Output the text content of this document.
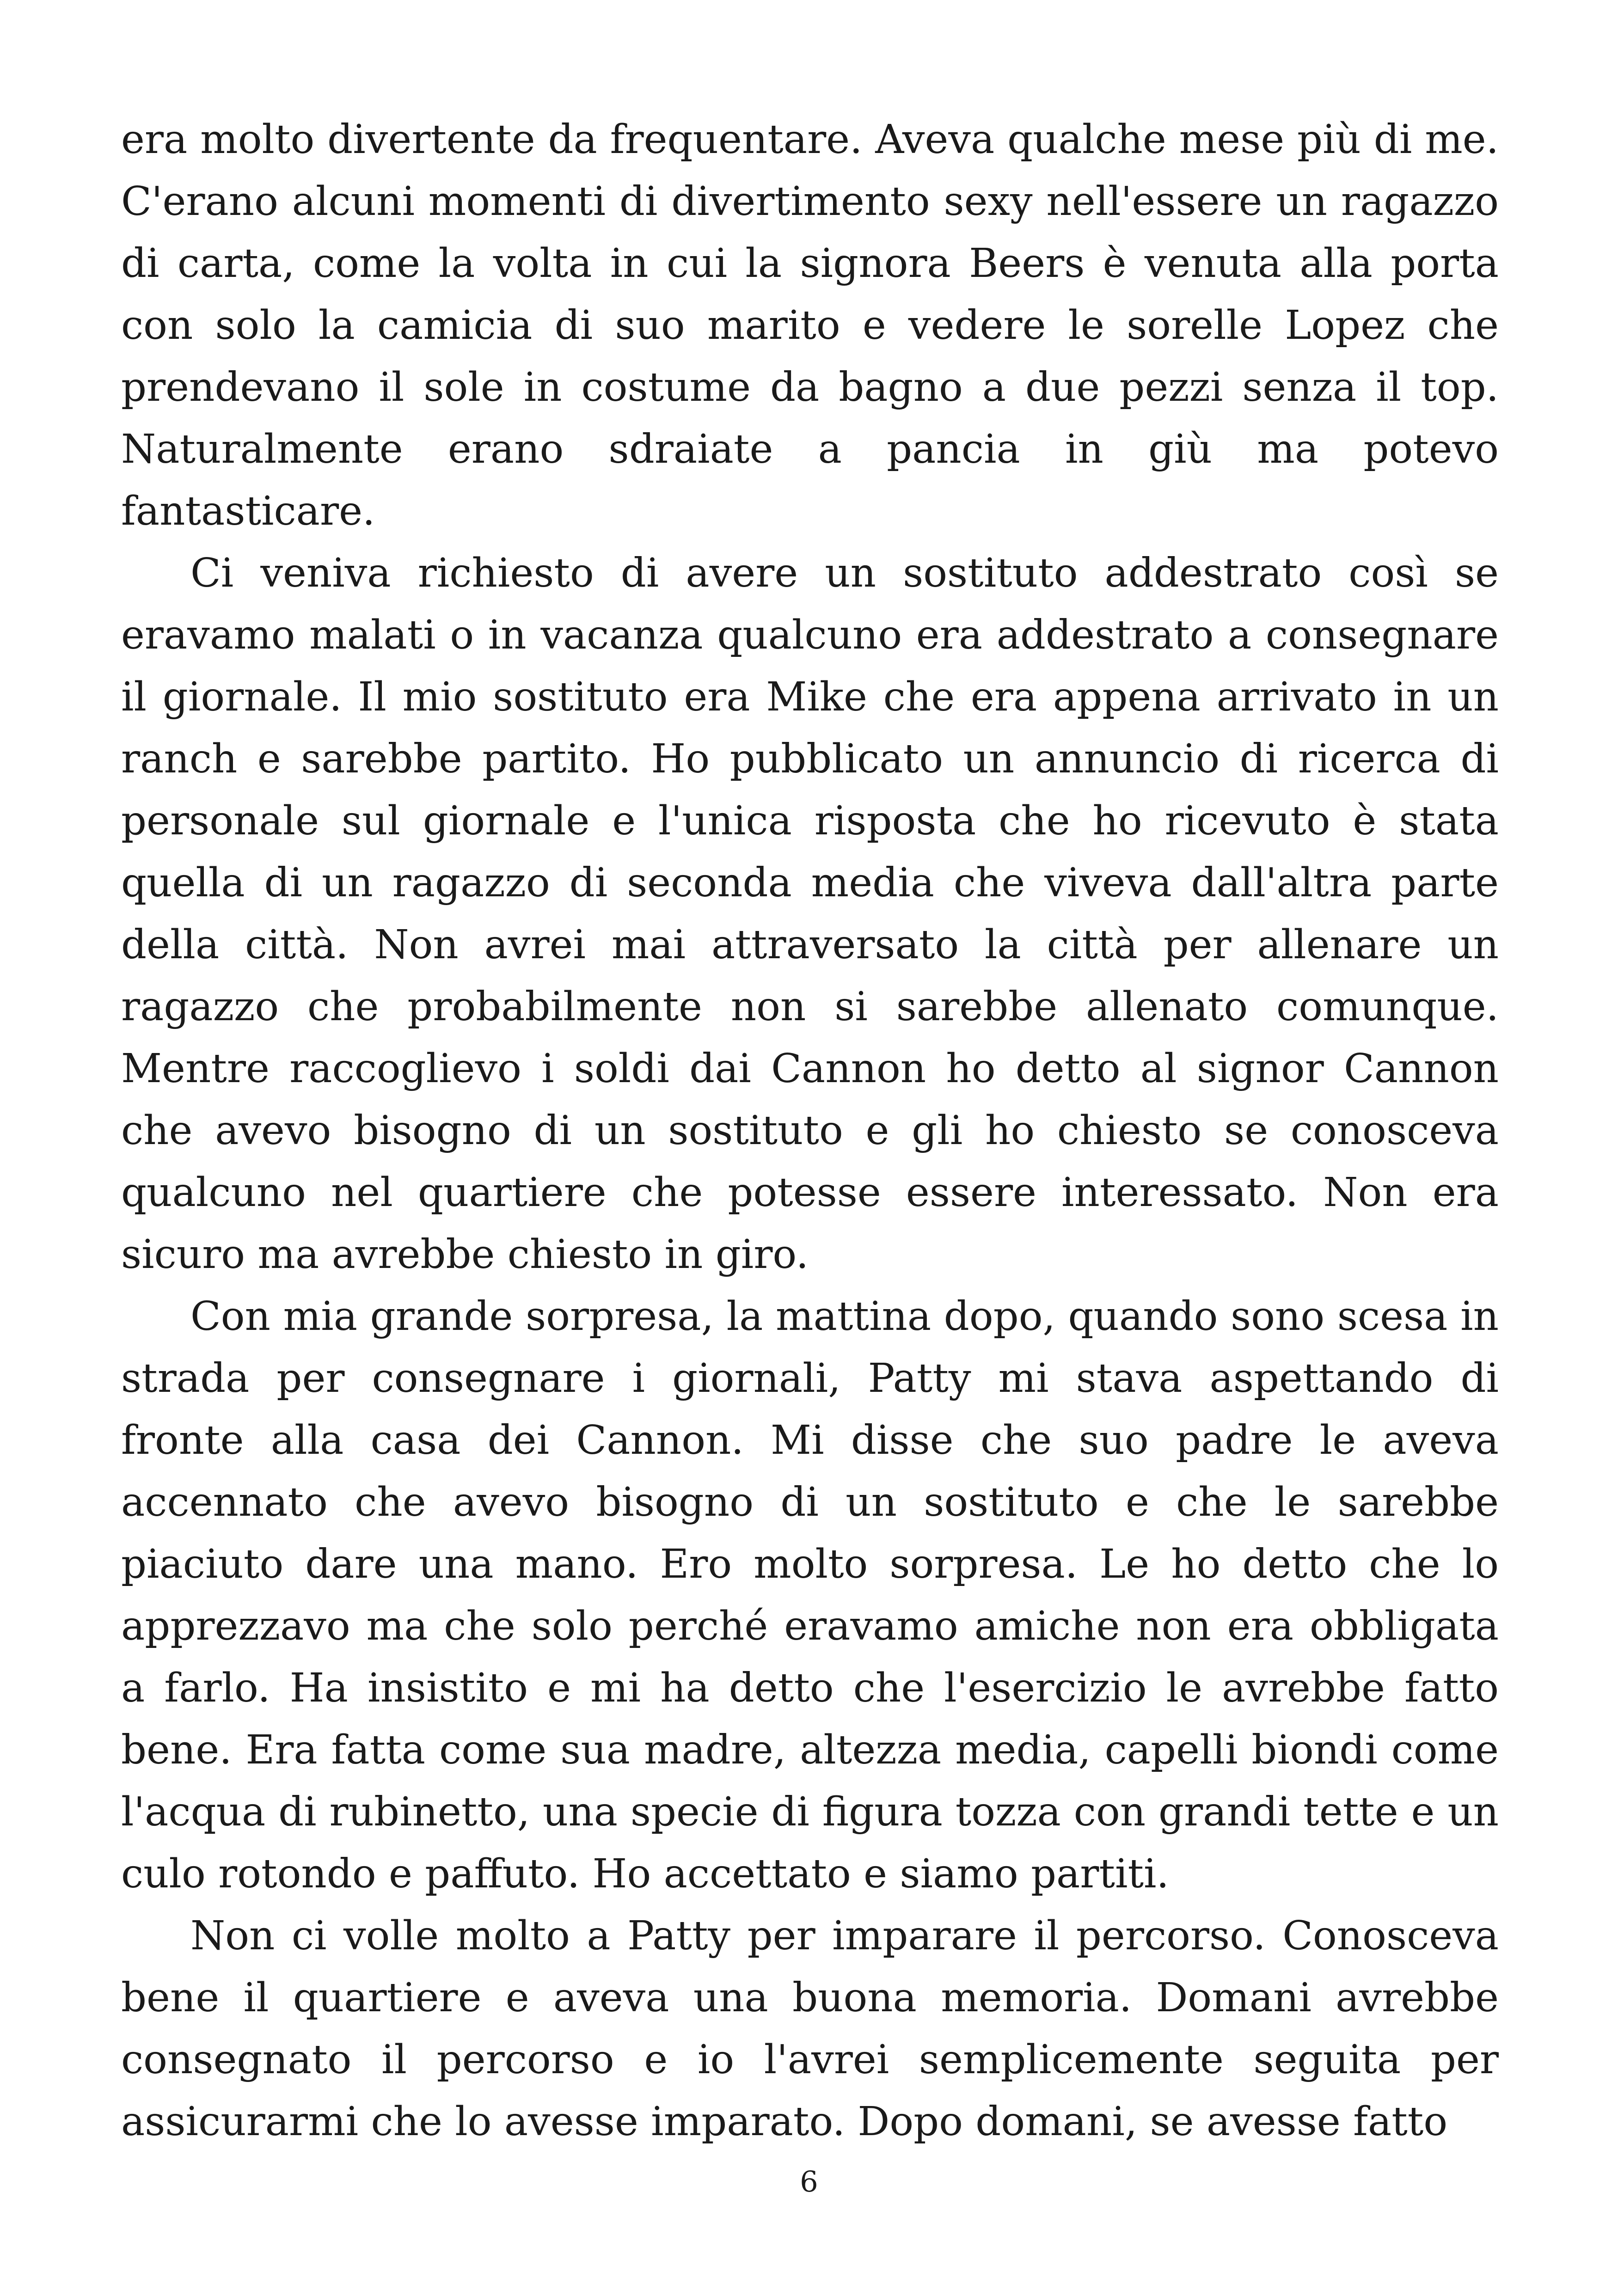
era molto divertente da frequentare. Aveva qualche mese più di me. C'erano alcuni momenti di divertimento sexy nell'essere un ragazzo di carta, come la volta in cui la signora Beers è venuta alla porta con solo la camicia di suo marito e vedere le sorelle Lopez che prendevano il sole in costume da bagno a due pezzi senza il top. Naturalmente erano sdraiate a pancia in giù ma potevo fantasticare.

Ci veniva richiesto di avere un sostituto addestrato così se eravamo malati o in vacanza qualcuno era addestrato a consegnare il giornale. Il mio sostituto era Mike che era appena arrivato in un ranch e sarebbe partito. Ho pubblicato un annuncio di ricerca di personale sul giornale e l'unica risposta che ho ricevuto è stata quella di un ragazzo di seconda media che viveva dall'altra parte della città. Non avrei mai attraversato la città per allenare un ragazzo che probabilmente non si sarebbe allenato comunque. Mentre raccoglievo i soldi dai Cannon ho detto al signor Cannon che avevo bisogno di un sostituto e gli ho chiesto se conosceva qualcuno nel quartiere che potesse essere interessato. Non era sicuro ma avrebbe chiesto in giro.

Con mia grande sorpresa, la mattina dopo, quando sono scesa in strada per consegnare i giornali, Patty mi stava aspettando di fronte alla casa dei Cannon. Mi disse che suo padre le aveva accennato che avevo bisogno di un sostituto e che le sarebbe piaciuto dare una mano. Ero molto sorpresa. Le ho detto che lo apprezzavo ma che solo perché eravamo amiche non era obbligata a farlo. Ha insistito e mi ha detto che l'esercizio le avrebbe fatto bene. Era fatta come sua madre, altezza media, capelli biondi come l'acqua di rubinetto, una specie di figura tozza con grandi tette e un culo rotondo e paffuto. Ho accettato e siamo partiti.

Non ci volle molto a Patty per imparare il percorso. Conosceva bene il quartiere e aveva una buona memoria. Domani avrebbe consegnato il percorso e io l'avrei semplicemente seguita per assicurarmi che lo avesse imparato. Dopo domani, se avesse fatto

6
